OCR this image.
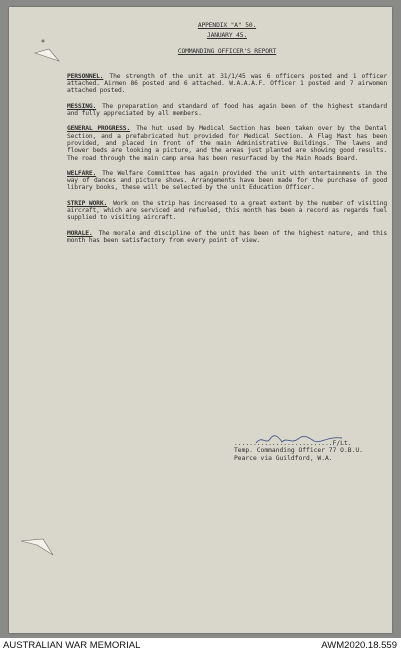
APPENDIX "A" 50.
JANUARY 45.
COMMANDING OFFICER'S REPORT
PERSONNEL. The strength of the unit at 31/1/45 was 6 officers posted and 1 officer attached. Airmen 86 posted and 6 attached. W.A.A.A.F. Officer 1 posted and 7 airwomen attached posted.
MESSING. The preparation and standard of food has again been of the highest standard and fully appreciated by all members.
GENERAL PROGRESS. The hut used by Medical Section has been taken over by the Dental Section, and a prefabricated hut provided for Medical Section. A Flag Mast has been provided, and placed in front of the main Administrative Buildings. The lawns and flower beds are looking a picture, and the areas just planted are showing good results. The road through the main camp area has been resurfaced by the Main Roads Board.
WELFARE. The Welfare Committee has again provided the unit with entertainments in the way of dances and picture shows. Arrangements have been made for the purchase of good library books, these will be selected by the unit Education Officer.
STRIP WORK. Work on the strip has increased to a great extent by the number of visiting aircraft, which are serviced and refueled, this month has been a record as regards fuel supplied to visiting aircraft.
MORALE. The morale and discipline of the unit has been of the highest nature, and this month has been satisfactory from every point of view.
..........................F/Lt.
Temp. Commanding Officer 77 O.B.U.
Pearce via Guildford, W.A.
AUSTRALIAN WAR MEMORIAL	AWM2020.18.559
